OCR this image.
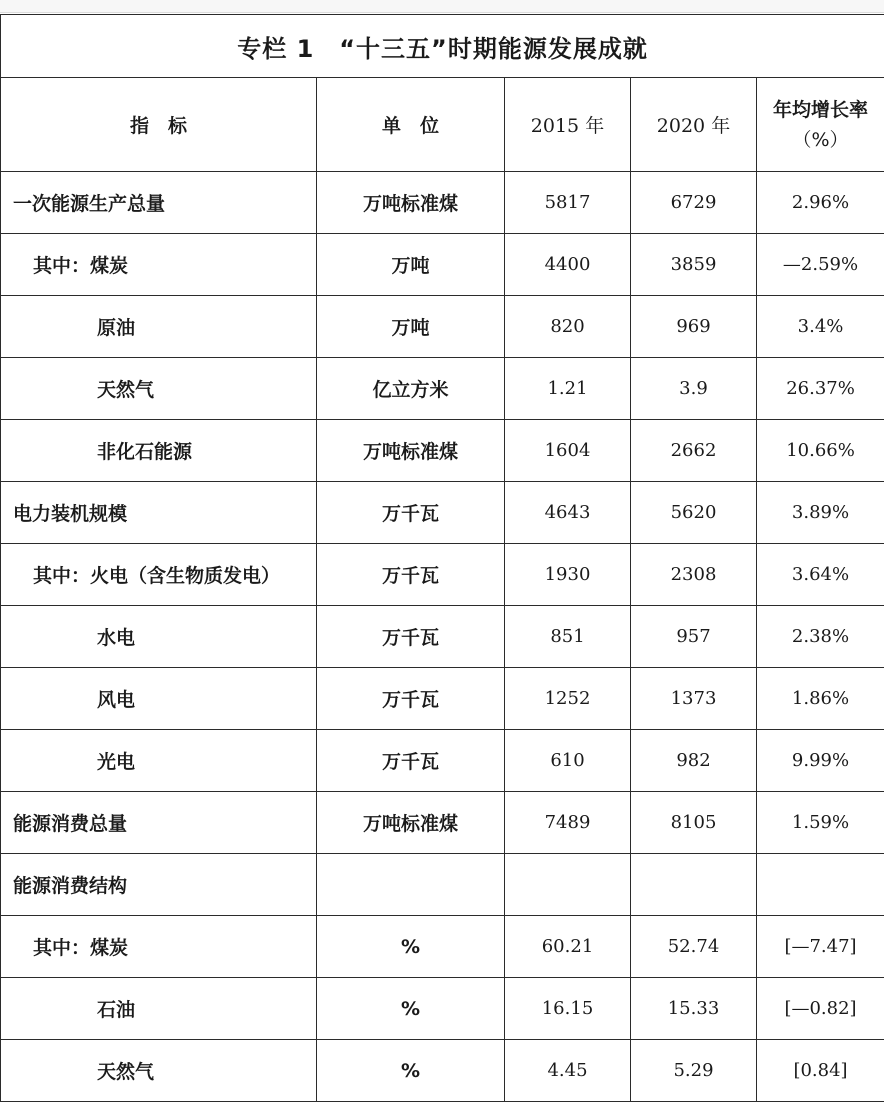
专栏 1　“十三五”时期能源发展成就				
指　标	单　位	2015 年	2020 年	年均增长率
（%）

一次能源生产总量	万吨标准煤	5817	6729	2.96%
其中：煤炭	万吨	4400	3859	—2.59%
原油	万吨	820	969	3.4%
天然气	亿立方米	1.21	3.9	26.37%
非化石能源	万吨标准煤	1604	2662	10.66%
电力装机规模	万千瓦	4643	5620	3.89%
其中：火电（含生物质发电）	万千瓦	1930	2308	3.64%
水电	万千瓦	851	957	2.38%
风电	万千瓦	1252	1373	1.86%
光电	万千瓦	610	982	9.99%
能源消费总量	万吨标准煤	7489	8105	1.59%
能源消费结构				
其中：煤炭	%	60.21	52.74	[—7.47]
石油	%	16.15	15.33	[—0.82]
天然气	%	4.45	5.29	[0.84]
